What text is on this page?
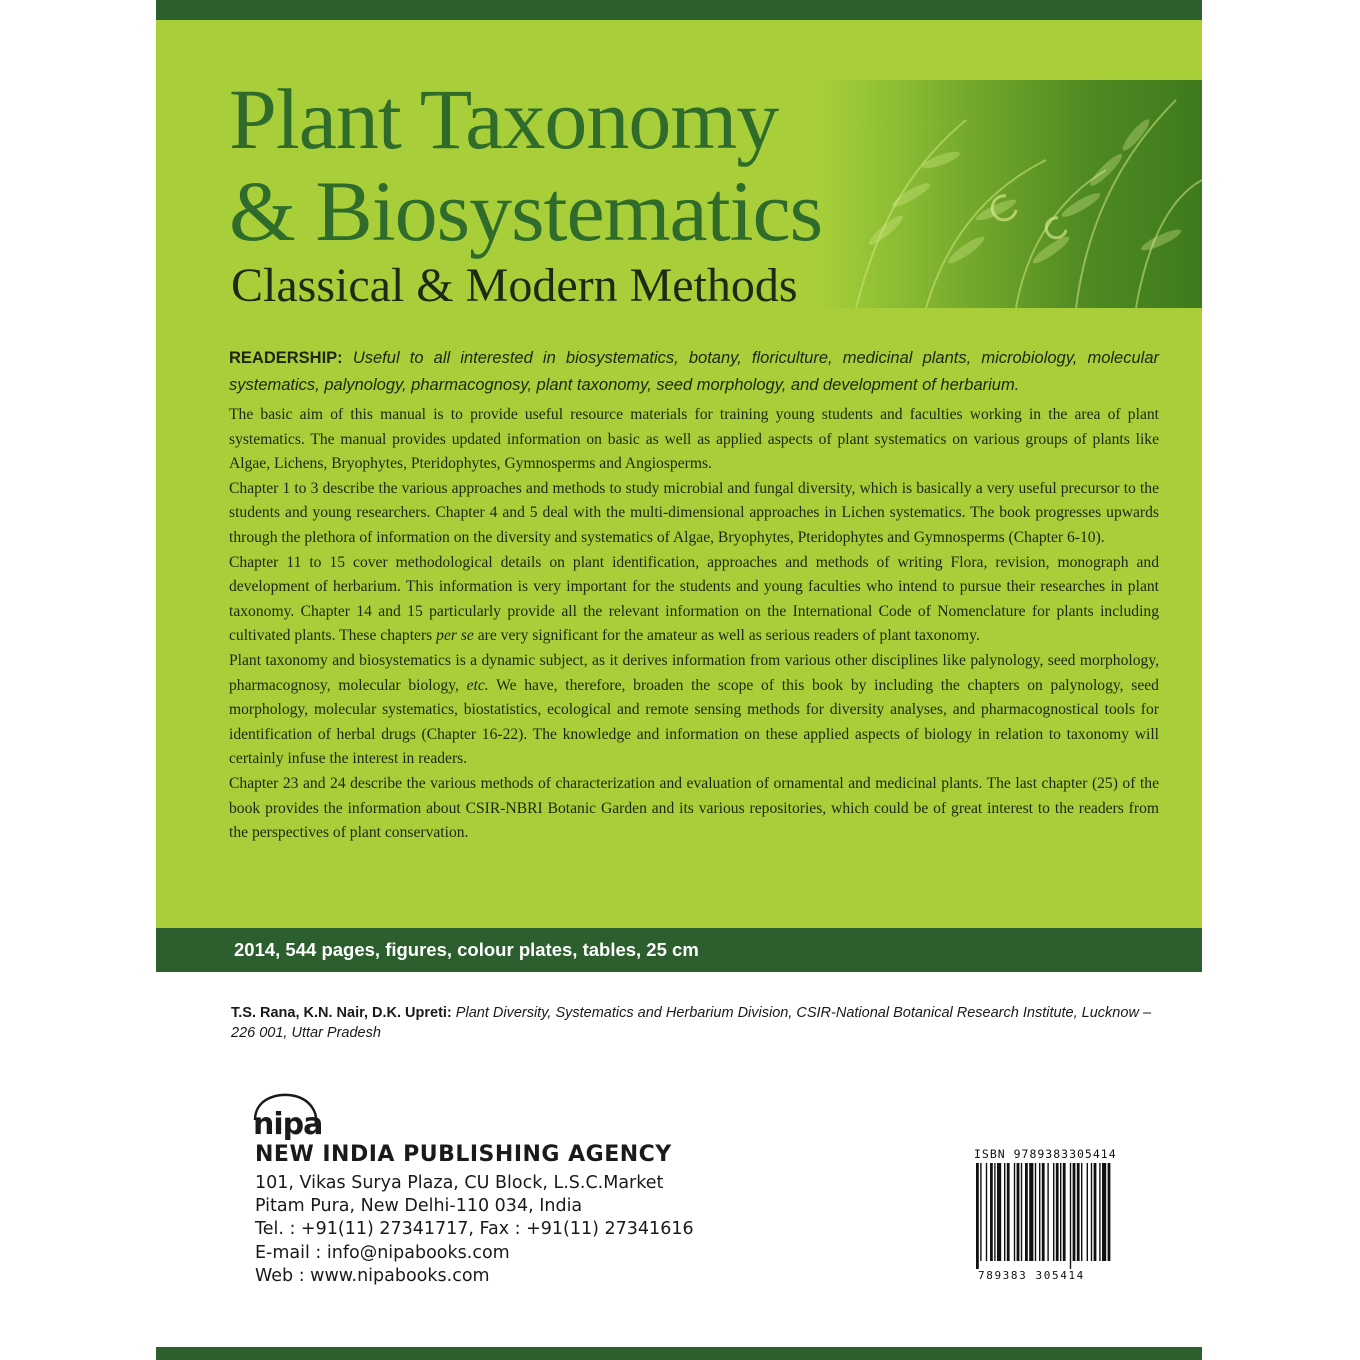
Plant Taxonomy
& Biosystematics
Classical & Modern Methods

READERSHIP: Useful to all interested in biosystematics, botany, floriculture, medicinal plants, microbiology, molecular systematics, palynology, pharmacognosy, plant taxonomy, seed morphology, and development of herbarium.

The basic aim of this manual is to provide useful resource materials for training young students and faculties working in the area of plant systematics. The manual provides updated information on basic as well as applied aspects of plant systematics on various groups of plants like Algae, Lichens, Bryophytes, Pteridophytes, Gymnosperms and Angiosperms.

Chapter 1 to 3 describe the various approaches and methods to study microbial and fungal diversity, which is basically a very useful precursor to the students and young researchers. Chapter 4 and 5 deal with the multi-dimensional approaches in Lichen systematics. The book progresses upwards through the plethora of information on the diversity and systematics of Algae, Bryophytes, Pteridophytes and Gymnosperms (Chapter 6-10).

Chapter 11 to 15 cover methodological details on plant identification, approaches and methods of writing Flora, revision, monograph and development of herbarium. This information is very important for the students and young faculties who intend to pursue their researches in plant taxonomy. Chapter 14 and 15 particularly provide all the relevant information on the International Code of Nomenclature for plants including cultivated plants. These chapters per se are very significant for the amateur as well as serious readers of plant taxonomy.

Plant taxonomy and biosystematics is a dynamic subject, as it derives information from various other disciplines like palynology, seed morphology, pharmacognosy, molecular biology, etc. We have, therefore, broaden the scope of this book by including the chapters on palynology, seed morphology, molecular systematics, biostatistics, ecological and remote sensing methods for diversity analyses, and pharmacognostical tools for identification of herbal drugs (Chapter 16-22). The knowledge and information on these applied aspects of biology in relation to taxonomy will certainly infuse the interest in readers.

Chapter 23 and 24 describe the various methods of characterization and evaluation of ornamental and medicinal plants. The last chapter (25) of the book provides the information about CSIR-NBRI Botanic Garden and its various repositories, which could be of great interest to the readers from the perspectives of plant conservation.

2014, 544 pages, figures, colour plates, tables, 25 cm

T.S. Rana, K.N. Nair, D.K. Upreti: Plant Diversity, Systematics and Herbarium Division, CSIR-National Botanical Research Institute, Lucknow – 226 001, Uttar Pradesh
nipa

NEW INDIA PUBLISHING AGENCY

101, Vikas Surya Plaza, CU Block, L.S.C.Market
Pitam Pura, New Delhi-110 034, India
Tel. : +91(11) 27341717, Fax : +91(11) 27341616
E-mail : info@nipabooks.com
Web : www.nipabooks.com
ISBN 9789383305414
789383 305414
